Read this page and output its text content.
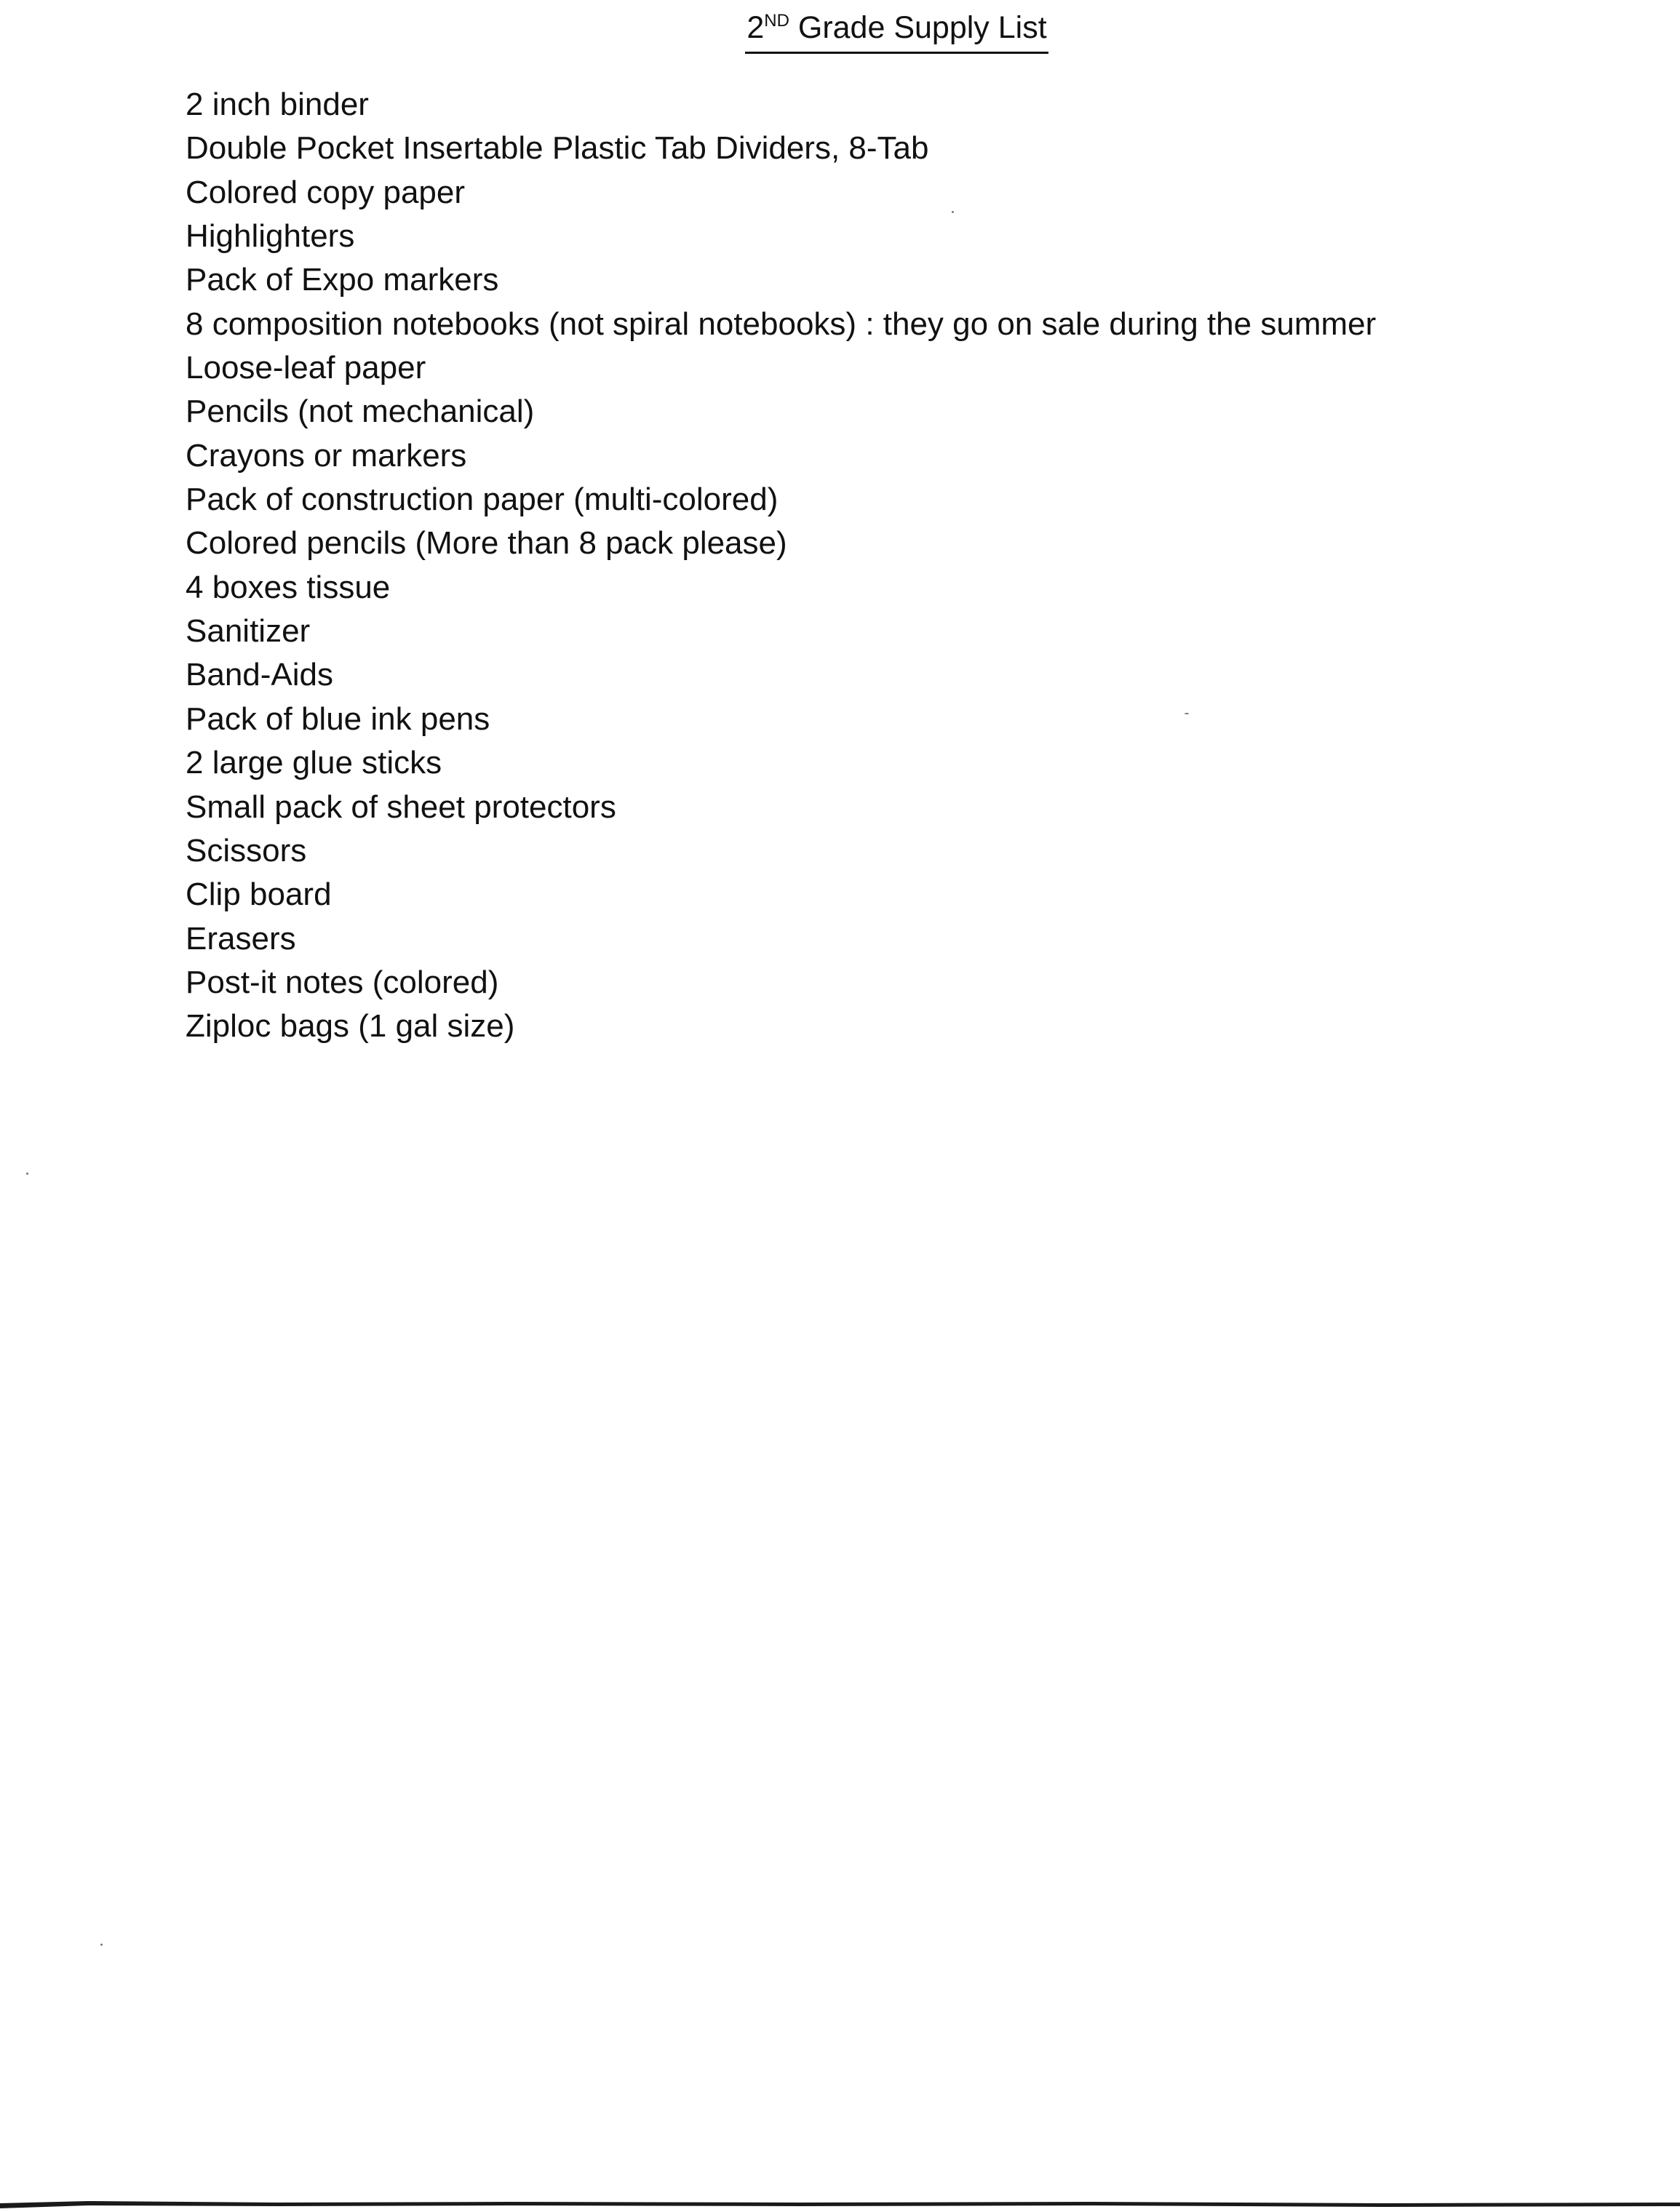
2ND Grade Supply List
2 inch binder
Double Pocket Insertable Plastic Tab Dividers, 8-Tab
Colored copy paper
Highlighters
Pack of Expo markers
8 composition notebooks (not spiral notebooks) : they go on sale during the summer
Loose-leaf paper
Pencils (not mechanical)
Crayons or markers
Pack of construction paper (multi-colored)
Colored pencils (More than 8 pack please)
4 boxes tissue
Sanitizer
Band-Aids
Pack of blue ink pens
2 large glue sticks
Small pack of sheet protectors
Scissors
Clip board
Erasers
Post-it notes (colored)
Ziploc bags (1 gal size)
